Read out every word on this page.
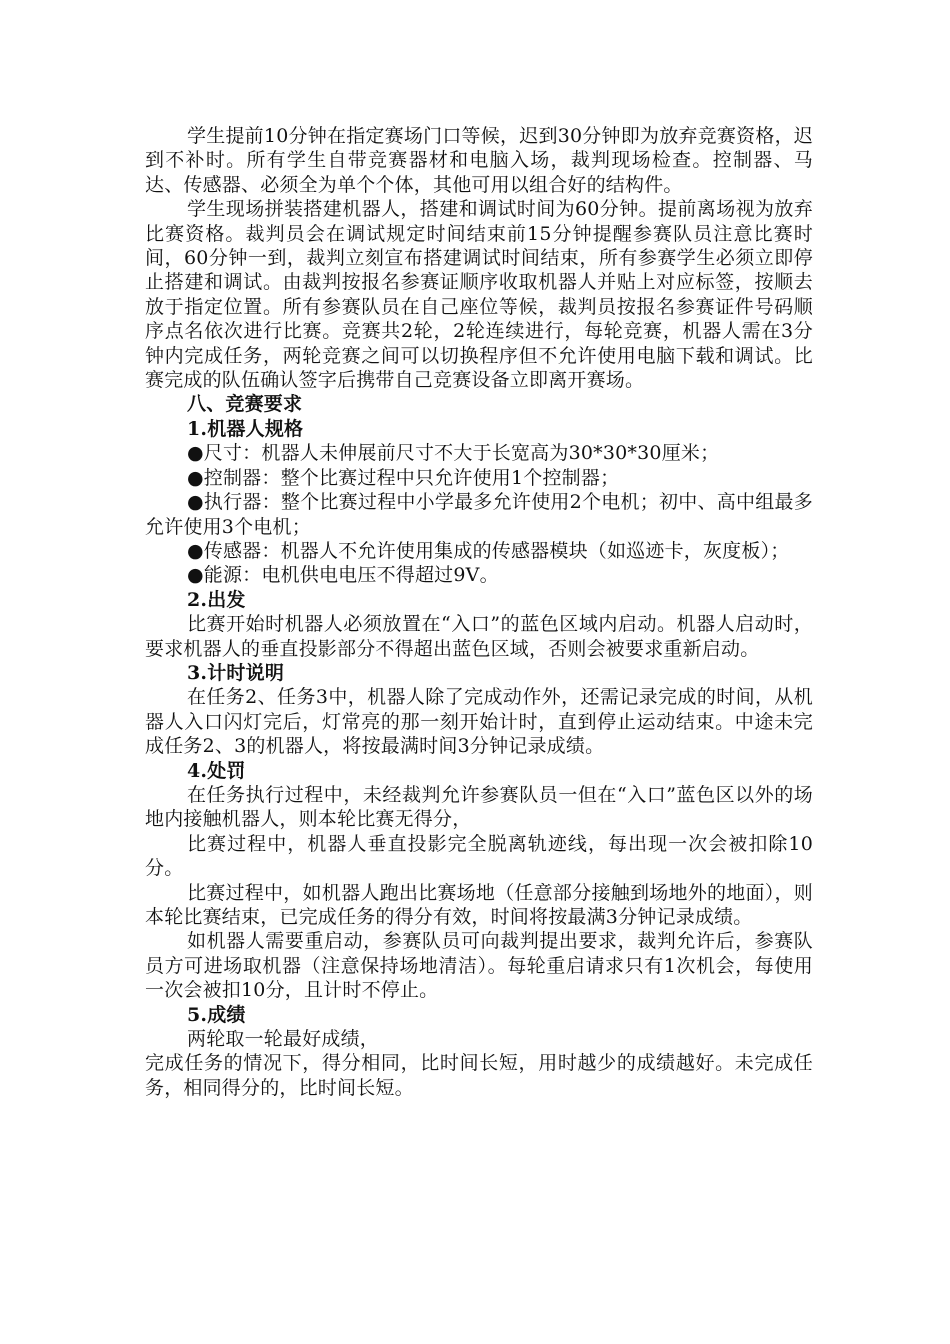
学生提前10分钟在指定赛场门口等候，迟到30分钟即为放弃竞赛资格，迟到不补时。所有学生自带竞赛器材和电脑入场，裁判现场检查。控制器、马达、传感器、必须全为单个个体，其他可用以组合好的结构件。

学生现场拼装搭建机器人，搭建和调试时间为60分钟。提前离场视为放弃比赛资格。裁判员会在调试规定时间结束前15分钟提醒参赛队员注意比赛时间，60分钟一到，裁判立刻宣布搭建调试时间结束，所有参赛学生必须立即停止搭建和调试。由裁判按报名参赛证顺序收取机器人并贴上对应标签，按顺去放于指定位置。所有参赛队员在自己座位等候，裁判员按报名参赛证件号码顺序点名依次进行比赛。竞赛共2轮，2轮连续进行，每轮竞赛，机器人需在3分钟内完成任务，两轮竞赛之间可以切换程序但不允许使用电脑下载和调试。比赛完成的队伍确认签字后携带自己竞赛设备立即离开赛场。

八、竞赛要求

1.机器人规格

●尺寸：机器人未伸展前尺寸不大于长宽高为30*30*30厘米；

●控制器：整个比赛过程中只允许使用1个控制器；

●执行器：整个比赛过程中小学最多允许使用2个电机；初中、高中组最多允许使用3个电机；

●传感器：机器人不允许使用集成的传感器模块（如巡迹卡，灰度板）；

●能源：电机供电电压不得超过9V。

2.出发

比赛开始时机器人必须放置在“入口”的蓝色区域内启动。机器人启动时，要求机器人的垂直投影部分不得超出蓝色区域，否则会被要求重新启动。

3.计时说明

在任务2、任务3中，机器人除了完成动作外，还需记录完成的时间，从机器人入口闪灯完后，灯常亮的那一刻开始计时，直到停止运动结束。中途未完成任务2、3的机器人，将按最满时间3分钟记录成绩。

4.处罚

在任务执行过程中，未经裁判允许参赛队员一但在“入口”蓝色区以外的场地内接触机器人，则本轮比赛无得分，

比赛过程中，机器人垂直投影完全脱离轨迹线，每出现一次会被扣除10分。

比赛过程中，如机器人跑出比赛场地（任意部分接触到场地外的地面），则本轮比赛结束，已完成任务的得分有效，时间将按最满3分钟记录成绩。

如机器人需要重启动，参赛队员可向裁判提出要求，裁判允许后，参赛队员方可进场取机器（注意保持场地清洁）。每轮重启请求只有1次机会，每使用一次会被扣10分，且计时不停止。

5.成绩

两轮取一轮最好成绩，

完成任务的情况下，得分相同，比时间长短，用时越少的成绩越好。未完成任务，相同得分的，比时间长短。
